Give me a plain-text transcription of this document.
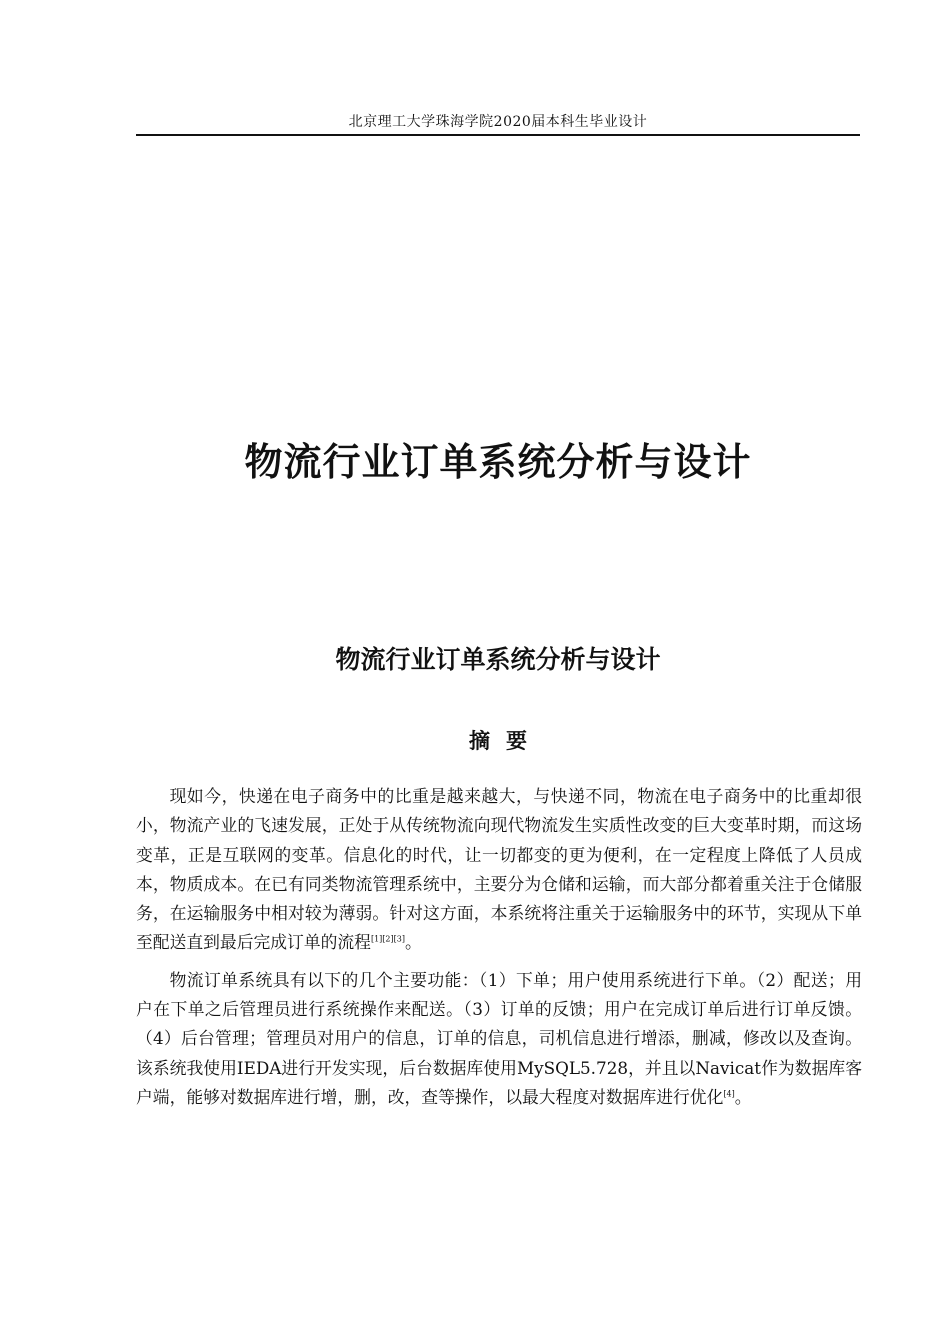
北京理工大学珠海学院2020届本科生毕业设计
物流行业订单系统分析与设计
物流行业订单系统分析与设计
摘要

现如今，快递在电子商务中的比重是越来越大，与快递不同，物流在电子商务中的比重却很小，物流产业的飞速发展，正处于从传统物流向现代物流发生实质性改变的巨大变革时期，而这场变革，正是互联网的变革。信息化的时代，让一切都变的更为便利，在一定程度上降低了人员成本，物质成本。在已有同类物流管理系统中，主要分为仓储和运输，而大部分都着重关注于仓储服务，在运输服务中相对较为薄弱。针对这方面，本系统将注重关于运输服务中的环节，实现从下单至配送直到最后完成订单的流程[1][2][3]。

物流订单系统具有以下的几个主要功能：（1）下单；用户使用系统进行下单。（2）配送；用户在下单之后管理员进行系统操作来配送。（3）订单的反馈；用户在完成订单后进行订单反馈。（4）后台管理；管理员对用户的信息，订单的信息，司机信息进行增添，删减，修改以及查询。该系统我使用IEDA进行开发实现，后台数据库使用MySQL5.728，并且以Navicat作为数据库客户端，能够对数据库进行增，删，改，查等操作，以最大程度对数据库进行优化[4]。
